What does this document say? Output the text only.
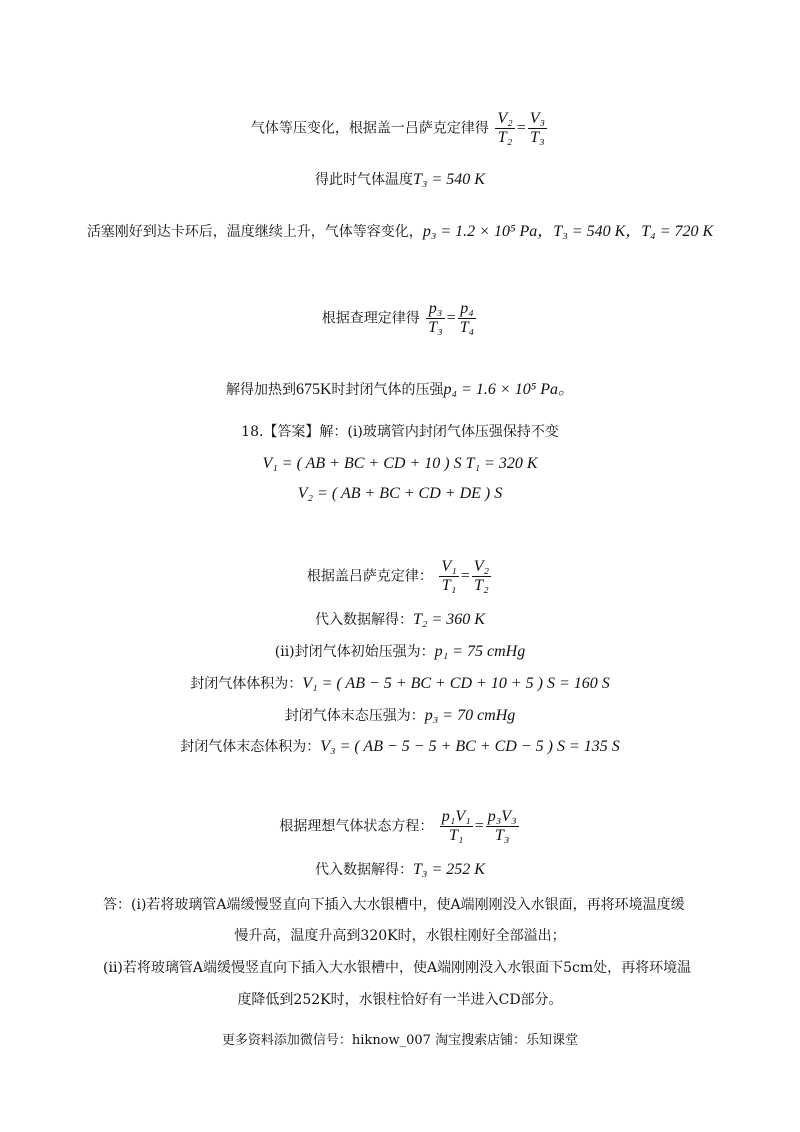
气体等压变化，根据盖一吕萨克定律得 $\frac{\text{V₂}}{\text{T₂}} = \frac{\text{V₃}}{\text{T₃}}$
得此时气体温度T₃ = 540 K
活塞刚好到达卡环后，温度继续上升，气体等容变化，p₃ = 1.2 × 10⁵ Pa，T₃ = 540 K，T₄ = 720 K
根据查理定律得 $\frac{\text{p₃}}{\text{T₃}} = \frac{\text{p₄}}{\text{T₄}}$
解得加热到675K时封闭气体的压强p₄ = 1.6 × 10⁵ Pa。
18.【答案】解：(i)玻璃管内封闭气体压强保持不变
V₁ = ( AB + BC + CD + 10 ) S T₁ = 320 K
V₂ = ( AB + BC + CD + DE ) S
根据盖吕萨克定律： $\frac{\text{V₁}}{\text{T₁}} = \frac{\text{V₂}}{\text{T₂}}$
代入数据解得：T₂ = 360 K
(ii)封闭气体初始压强为：p₁ = 75 cmHg
封闭气体体积为：V₁ = ( AB − 5 + BC + CD + 10 + 5 ) S = 160 S
封闭气体末态压强为：p₃ = 70 cmHg
封闭气体末态体积为：V₃ = ( AB − 5 − 5 + BC + CD − 5 ) S = 135 S
根据理想气体状态方程： $\frac{\text{p₁V₁}}{\text{T₁}} = \frac{\text{p₃V₃}}{\text{T₃}}$
代入数据解得：T₃ = 252 K
答：(i)若将玻璃管A端缓慢竖直向下插入大水银槽中，使A端刚刚没入水银面，再将环境温度缓
慢升高，温度升高到320K时，水银柱刚好全部溢出；
(ii)若将玻璃管A端缓慢竖直向下插入大水银槽中，使A端刚刚没入水银面下5cm处，再将环境温
度降低到252K时，水银柱恰好有一半进入CD部分。
更多资料添加微信号：hiknow_007 淘宝搜索店铺：乐知课堂
